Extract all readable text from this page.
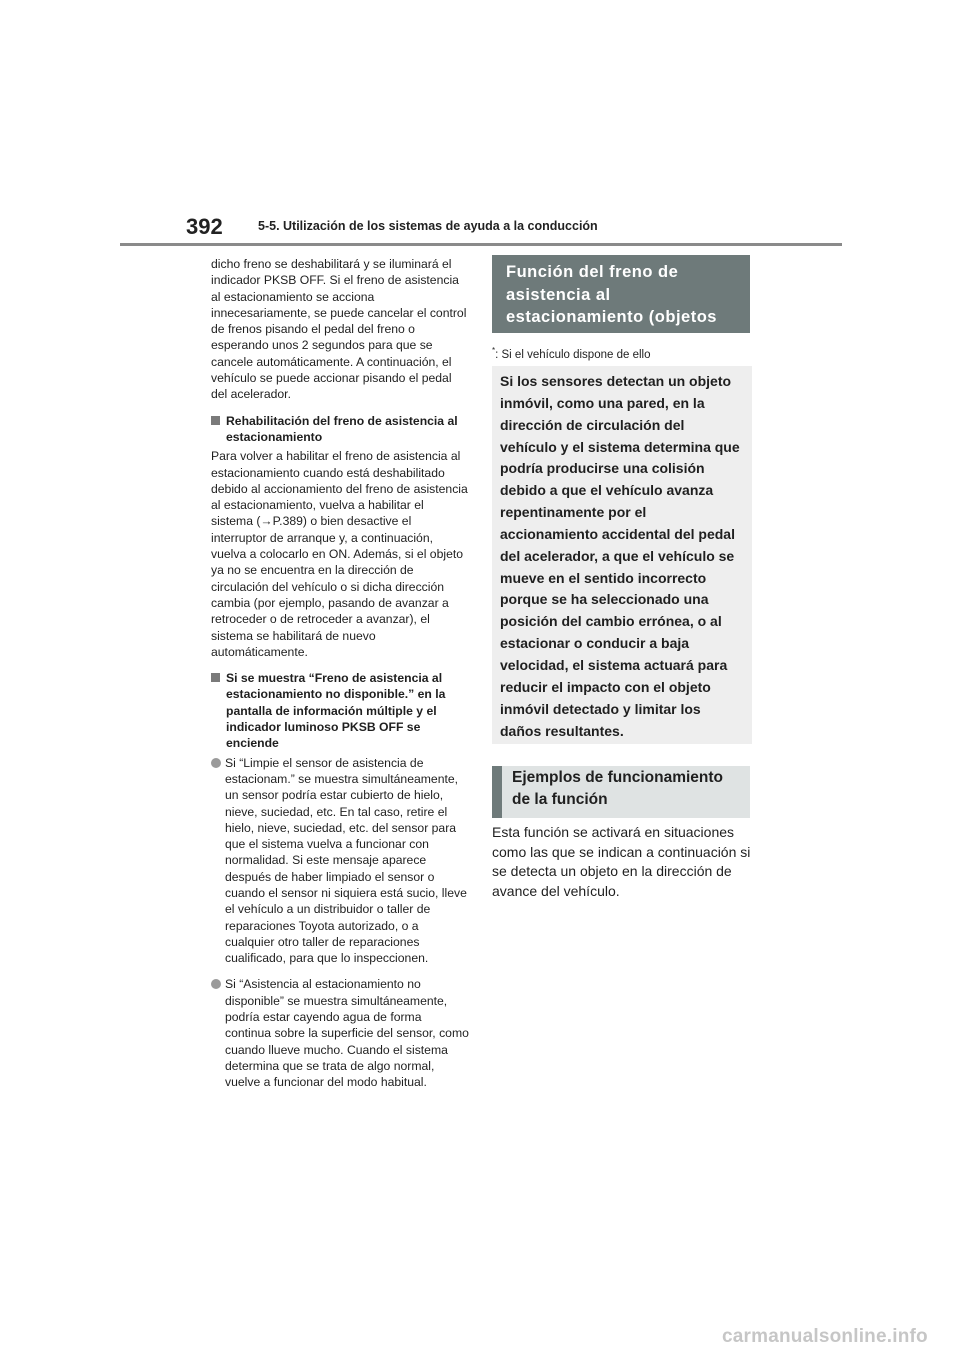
392	5-5. Utilización de los sistemas de ayuda a la conducción

dicho freno se deshabilitará y se iluminará el indicador PKSB OFF. Si el freno de asistencia al estacionamiento se acciona innecesariamente, se puede cancelar el control de frenos pisando el pedal del freno o esperando unos 2 segundos para que se cancele automáticamente. A continuación, el vehículo se puede accionar pisando el pedal del acelerador.

Rehabilitación del freno de asistencia al estacionamiento

Para volver a habilitar el freno de asistencia al estacionamiento cuando está deshabilitado debido al accionamiento del freno de asistencia al estacionamiento, vuelva a habilitar el sistema (→P.389) o bien desactive el interruptor de arranque y, a continuación, vuelva a colocarlo en ON. Además, si el objeto ya no se encuentra en la dirección de circulación del vehículo o si dicha dirección cambia (por ejemplo, pasando de avanzar a retroceder o de retroceder a avanzar), el sistema se habilitará de nuevo automáticamente.

Si se muestra “Freno de asistencia al estacionamiento no disponible.” en la pantalla de información múltiple y el indicador luminoso PKSB OFF se enciende
Si “Limpie el sensor de asistencia de estacionam.” se muestra simultáneamente, un sensor podría estar cubierto de hielo, nieve, suciedad, etc. En tal caso, retire el hielo, nieve, suciedad, etc. del sensor para que el sistema vuelva a funcionar con normalidad. Si este mensaje aparece después de haber limpiado el sensor o cuando el sensor ni siquiera está sucio, lleve el vehículo a un distribuidor o taller de reparaciones Toyota autorizado, o a cualquier otro taller de reparaciones cualificado, para que lo inspeccionen.
Si “Asistencia al estacionamiento no disponible” se muestra simultáneamente, podría estar cayendo agua de forma continua sobre la superficie del sensor, como cuando llueve mucho. Cuando el sistema determina que se trata de algo normal, vuelve a funcionar del modo habitual.
Función del freno de asistencia al estacionamiento (objetos inmóviles)*
*: Si el vehículo dispone de ello
Si los sensores detectan un objeto inmóvil, como una pared, en la dirección de circulación del vehículo y el sistema determina que podría producirse una colisión debido a que el vehículo avanza repentinamente por el accionamiento accidental del pedal del acelerador, a que el vehículo se mueve en el sentido incorrecto porque se ha seleccionado una posición del cambio errónea, o al estacionar o conducir a baja velocidad, el sistema actuará para reducir el impacto con el objeto inmóvil detectado y limitar los daños resultantes.
Ejemplos de funcionamiento de la función
Esta función se activará en situaciones como las que se indican a continuación si se detecta un objeto en la dirección de avance del vehículo.
carmanualsonline.info
